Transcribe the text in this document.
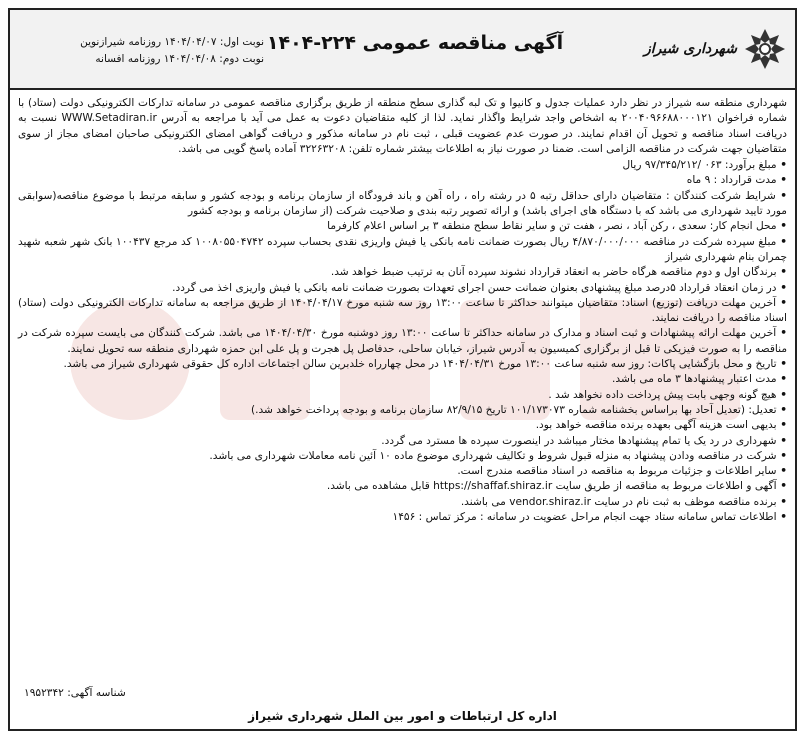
شهرداری شیراز
آگهی مناقصه عمومی ۲۲۴-۱۴۰۴
نوبت اول: ۱۴۰۴/۰۴/۰۷ روزنامه شیرازنوین
نوبت دوم: ۱۴۰۴/۰۴/۰۸ روزنامه افسانه

شهرداری منطقه سه شیراز در نظر دارد عملیات جدول و کانیوا و تک لبه گذاری سطح منطقه از طریق برگزاری مناقصه عمومی در سامانه تدارکات الکترونیکی دولت (ستاد) با شماره فراخوان ۲۰۰۴۰۹۶۶۸۸۰۰۰۱۲۱ به اشخاص واجد شرایط واگذار نماید. لذا از کلیه متقاضیان دعوت به عمل می آید با مراجعه به آدرس WWW.Setadiran.ir نسبت به دریافت اسناد مناقصه و تحویل آن اقدام نمایند. در صورت عدم عضویت قبلی ، ثبت نام در سامانه مذکور و دریافت گواهی امضای الکترونیکی صاحبان امضای مجاز از سوی متقاضیان جهت شرکت در مناقصه الزامی است. ضمنا در صورت نیاز به اطلاعات بیشتر شماره تلفن: ۳۲۲۶۳۲۰۸ آماده پاسخ گویی می باشد.

• مبلغ برآورد: ۰۶۳ /۹۷/۳۴۵/۲۱۲ ریال

• مدت قرارداد : ۹ ماه

• شرایط شرکت کنندگان : متقاضیان دارای حداقل رتبه ۵ در رشته راه ، راه آهن و باند فرودگاه از سازمان برنامه و بودجه کشور و سابقه مرتبط با موضوع مناقصه(سوابقی مورد تایید شهرداری می باشد که با دستگاه های اجرای باشد) و ارائه تصویر رتبه بندی و صلاحیت شرکت (از سازمان برنامه و بودجه کشور

• محل انجام کار: سعدی ، رکن آباد ، نصر ، هفت تن و سایر نقاط سطح منطقه ۳ بر اساس اعلام کارفرما

• مبلغ سپرده شرکت در مناقصه ۴/۸۷۰/۰۰۰/۰۰۰ ریال بصورت ضمانت نامه بانکی یا فیش واریزی نقدی بحساب سپرده ۱۰۰۸۰۵۵۰۴۷۴۲ کد مرجع ۱۰۰۴۳۷ بانک شهر شعبه شهید چمران بنام شهرداری شیراز

• برندگان اول و دوم مناقصه هرگاه حاضر به انعقاد قرارداد نشوند سپرده آنان به ترتیب ضبط خواهد شد.

• در زمان انعقاد قرارداد ۵درصد مبلغ پیشنهادی بعنوان ضمانت حسن اجرای تعهدات بصورت ضمانت نامه بانکی یا فیش واریزی اخذ می گردد.

• آخرین مهلت دریافت (توزیع) اسناد: متقاضیان میتوانند حداکثر تا ساعت ۱۳:۰۰ روز سه شنبه مورخ ۱۴۰۴/۰۴/۱۷ از طریق مراجعه به سامانه تدارکات الکترونیکی دولت (ستاد) اسناد مناقصه را دریافت نمایند.

• آخرین مهلت ارائه پیشنهادات و ثبت اسناد و مدارک در سامانه حداکثر تا ساعت ۱۳:۰۰ روز دوشنبه مورخ ۱۴۰۴/۰۴/۳۰ می باشد. شرکت کنندگان می بایست سپرده شرکت در مناقصه را به صورت فیزیکی تا قبل از برگزاری کمیسیون به آدرس شیراز، خیابان ساحلی، حدفاصل پل هجرت و پل علی ابن حمزه شهرداری منطقه سه تحویل نمایند.

• تاریخ و محل بازگشایی پاکات: روز سه شنبه ساعت ۱۳:۰۰ مورخ ۱۴۰۴/۰۴/۳۱ در محل چهارراه خلدبرین سالن اجتماعات اداره کل حقوقی شهرداری شیراز می باشد.

• مدت اعتبار پیشنهادها ۳ ماه می باشد.

• هیچ گونه وجهی بابت پیش پرداخت داده نخواهد شد .

• تعدیل: (تعدیل آحاد بها براساس بخشنامه شماره ۱۰۱/۱۷۳۰۷۳ تاریخ ۸۲/۹/۱۵ سازمان برنامه و بودجه پرداخت خواهد شد.)

• بدیهی است هزینه آگهی بعهده برنده مناقصه خواهد بود.

• شهرداری در رد یک یا تمام پیشنهادها مختار میباشد در اینصورت سپرده ها مسترد می گردد.

• شرکت در مناقصه ودادن پیشنهاد به منزله قبول شروط و تکالیف شهرداری موضوع ماده ۱۰ آئین نامه معاملات شهرداری می باشد.

• سایر اطلاعات و جزئیات مربوط به مناقصه در اسناد مناقصه مندرج است.

• آگهی و اطلاعات مربوط به مناقصه از طریق سایت https://shaffaf.shiraz.ir قابل مشاهده می باشد.

• برنده مناقصه موظف به ثبت نام در سایت vendor.shiraz.ir می باشند.

• اطلاعات تماس سامانه ستاد جهت انجام مراحل عضویت در سامانه : مرکز تماس : ۱۴۵۶

شناسه آگهی: ۱۹۵۲۳۴۲
اداره کل ارتباطات و امور بین الملل شهرداری شیراز
